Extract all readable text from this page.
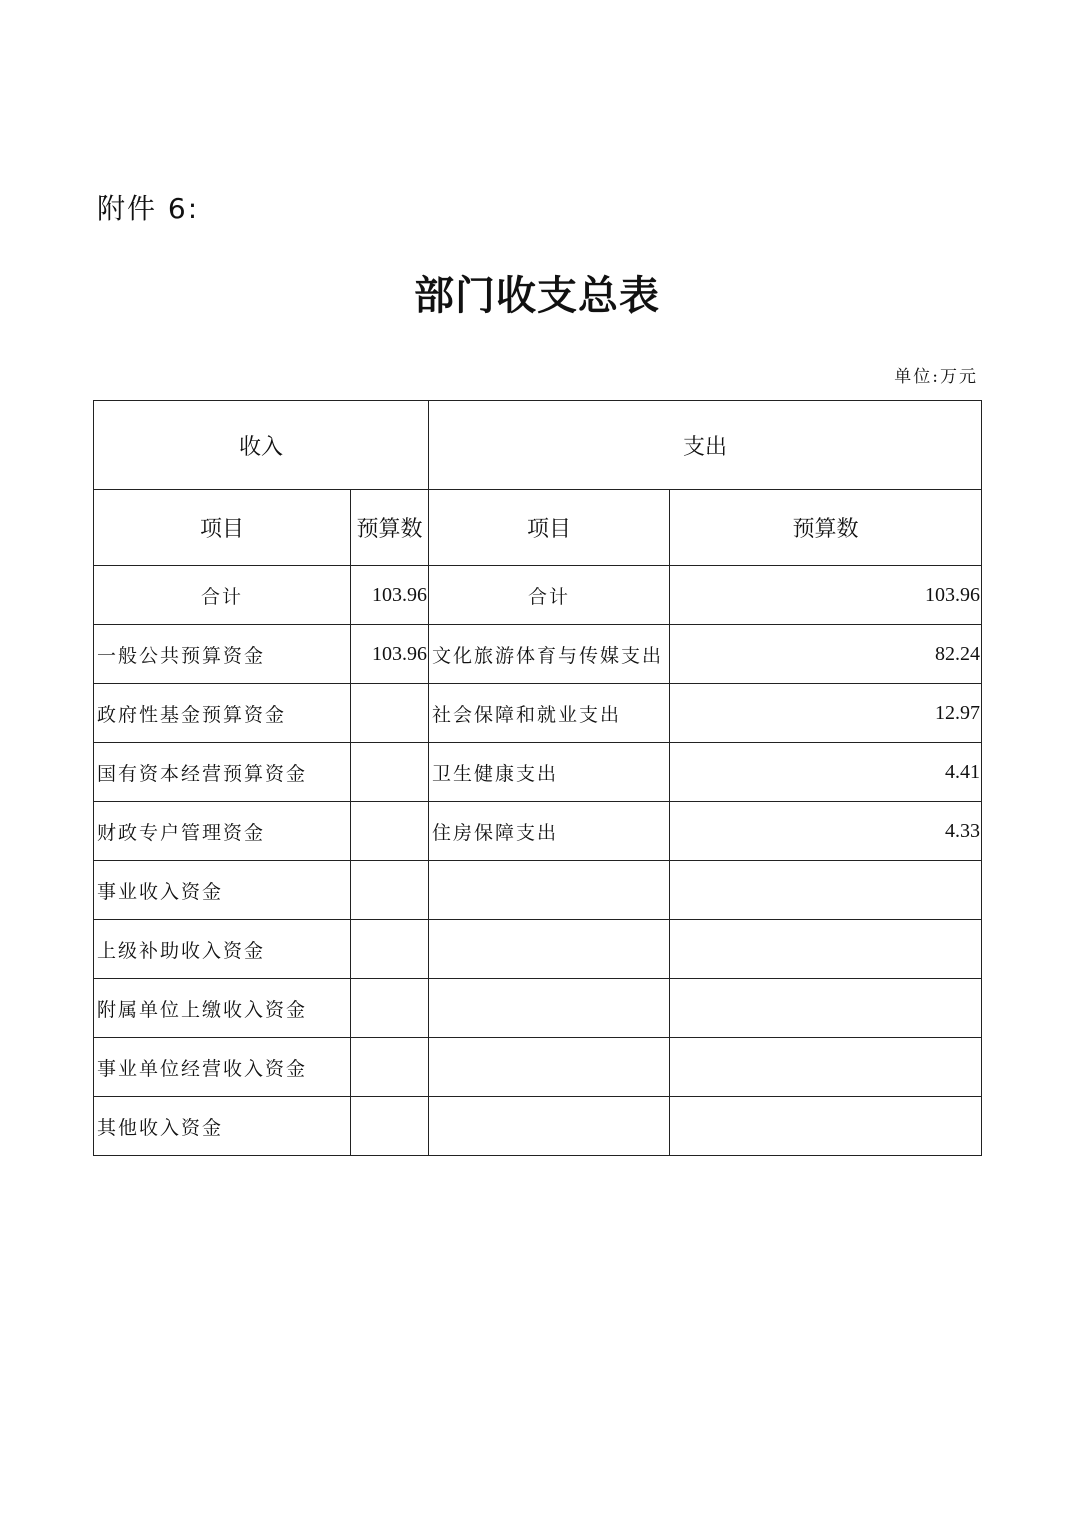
附件 6:
部门收支总表
单位:万元
收入		支出	
项目	预算数	项目	预算数
合计	103.96	合计	103.96
一般公共预算资金	103.96	文化旅游体育与传媒支出	82.24
政府性基金预算资金		社会保障和就业支出	12.97
国有资本经营预算资金		卫生健康支出	4.41
财政专户管理资金		住房保障支出	4.33
事业收入资金			
上级补助收入资金			
附属单位上缴收入资金			
事业单位经营收入资金			
其他收入资金			
